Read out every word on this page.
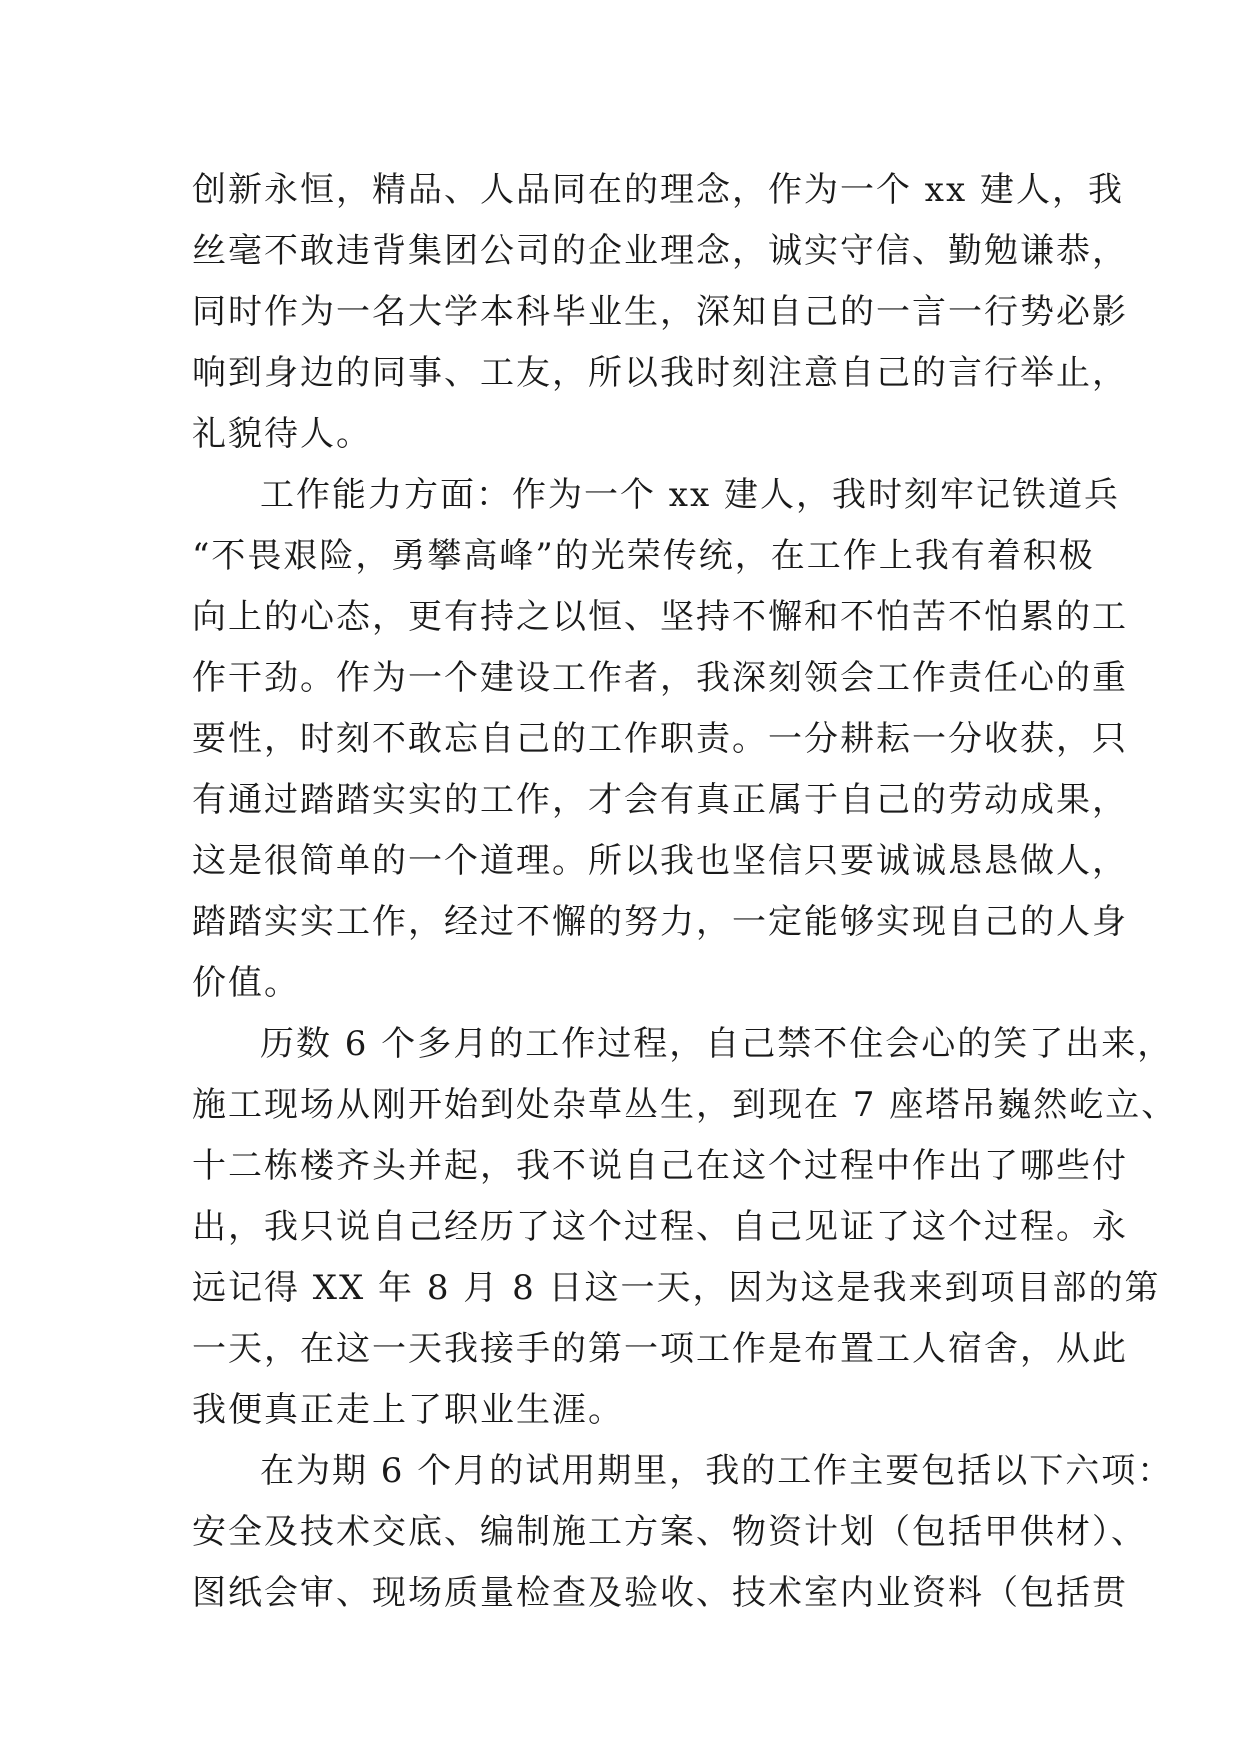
创新永恒，精品、人品同在的理念，作为一个 xx 建人，我
丝毫不敢违背集团公司的企业理念，诚实守信、勤勉谦恭，
同时作为一名大学本科毕业生，深知自己的一言一行势必影
响到身边的同事、工友，所以我时刻注意自己的言行举止，
礼貌待人。
工作能力方面：作为一个 xx 建人，我时刻牢记铁道兵
“不畏艰险，勇攀高峰”的光荣传统，在工作上我有着积极
向上的心态，更有持之以恒、坚持不懈和不怕苦不怕累的工
作干劲。作为一个建设工作者，我深刻领会工作责任心的重
要性，时刻不敢忘自己的工作职责。一分耕耘一分收获，只
有通过踏踏实实的工作，才会有真正属于自己的劳动成果，
这是很简单的一个道理。所以我也坚信只要诚诚恳恳做人，
踏踏实实工作，经过不懈的努力，一定能够实现自己的人身
价值。
历数 6 个多月的工作过程，自己禁不住会心的笑了出来，
施工现场从刚开始到处杂草丛生，到现在 7 座塔吊巍然屹立、
十二栋楼齐头并起，我不说自己在这个过程中作出了哪些付
出，我只说自己经历了这个过程、自己见证了这个过程。永
远记得 XX 年 8 月 8 日这一天，因为这是我来到项目部的第
一天，在这一天我接手的第一项工作是布置工人宿舍，从此
我便真正走上了职业生涯。
在为期 6 个月的试用期里，我的工作主要包括以下六项：
安全及技术交底、编制施工方案、物资计划（包括甲供材）、
图纸会审、现场质量检查及验收、技术室内业资料（包括贯
